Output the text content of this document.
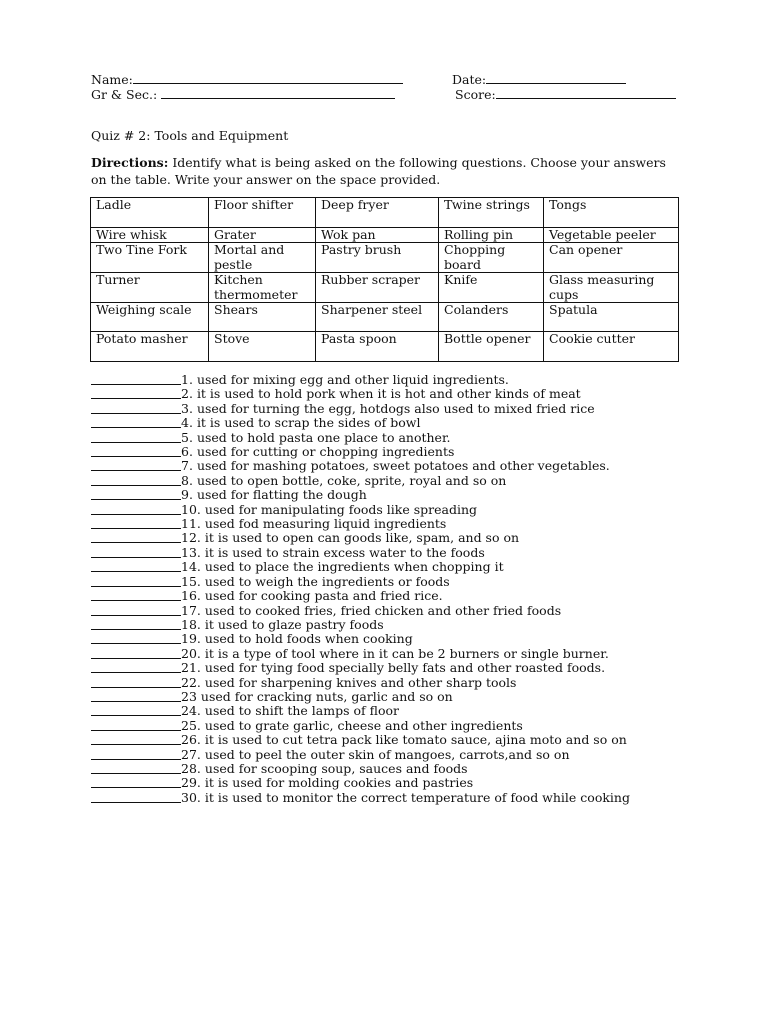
Name:	Date:
Gr & Sec.:	Score:
Quiz # 2: Tools and Equipment
Directions: Identify what is being asked on the following questions. Choose your answers on the table. Write your answer on the space provided.
Ladle	Floor shifter	Deep fryer	Twine strings	Tongs
Wire whisk	Grater	Wok pan	Rolling pin	Vegetable peeler
Two Tine Fork	Mortal and pestle	Pastry brush	Chopping board	Can opener
Turner	Kitchen thermometer	Rubber scraper	Knife	Glass measuring cups
Weighing scale	Shears	Sharpener steel	Colanders	Spatula
Potato masher	Stove	Pasta spoon	Bottle opener	Cookie cutter
1. used for mixing egg and other liquid ingredients.
2. it is used to hold pork when it is hot and other kinds of meat
3. used for turning the egg, hotdogs also used to mixed fried rice
4. it is used to scrap the sides of bowl
5. used to hold pasta one place to another.
6. used for cutting or chopping ingredients
7. used for mashing potatoes, sweet potatoes and other vegetables.
8. used to open bottle, coke, sprite, royal and so on
9. used for flatting the dough
10. used for manipulating foods like spreading
11. used fod measuring liquid ingredients
12. it is used to open can goods like, spam, and so on
13. it is used to strain excess water to the foods
14. used to place the ingredients when chopping it
15. used to weigh the ingredients or foods
16. used for cooking pasta and fried rice.
17. used to cooked fries, fried chicken and other fried foods
18. it used to glaze pastry foods
19. used to hold foods when cooking
20. it is a type of tool where in it can be 2 burners or single burner.
21. used for tying food specially belly fats and other roasted foods.
22. used for sharpening knives and other sharp tools
23 used for cracking nuts, garlic and so on
24. used to shift the lamps of floor
25. used to grate garlic, cheese and other ingredients
26. it is used to cut tetra pack like tomato sauce, ajina moto and so on
27. used to peel the outer skin of mangoes, carrots,and so on
28. used for scooping soup, sauces and foods
29. it is used for molding cookies and pastries
30. it is used to monitor the correct temperature of food while cooking
